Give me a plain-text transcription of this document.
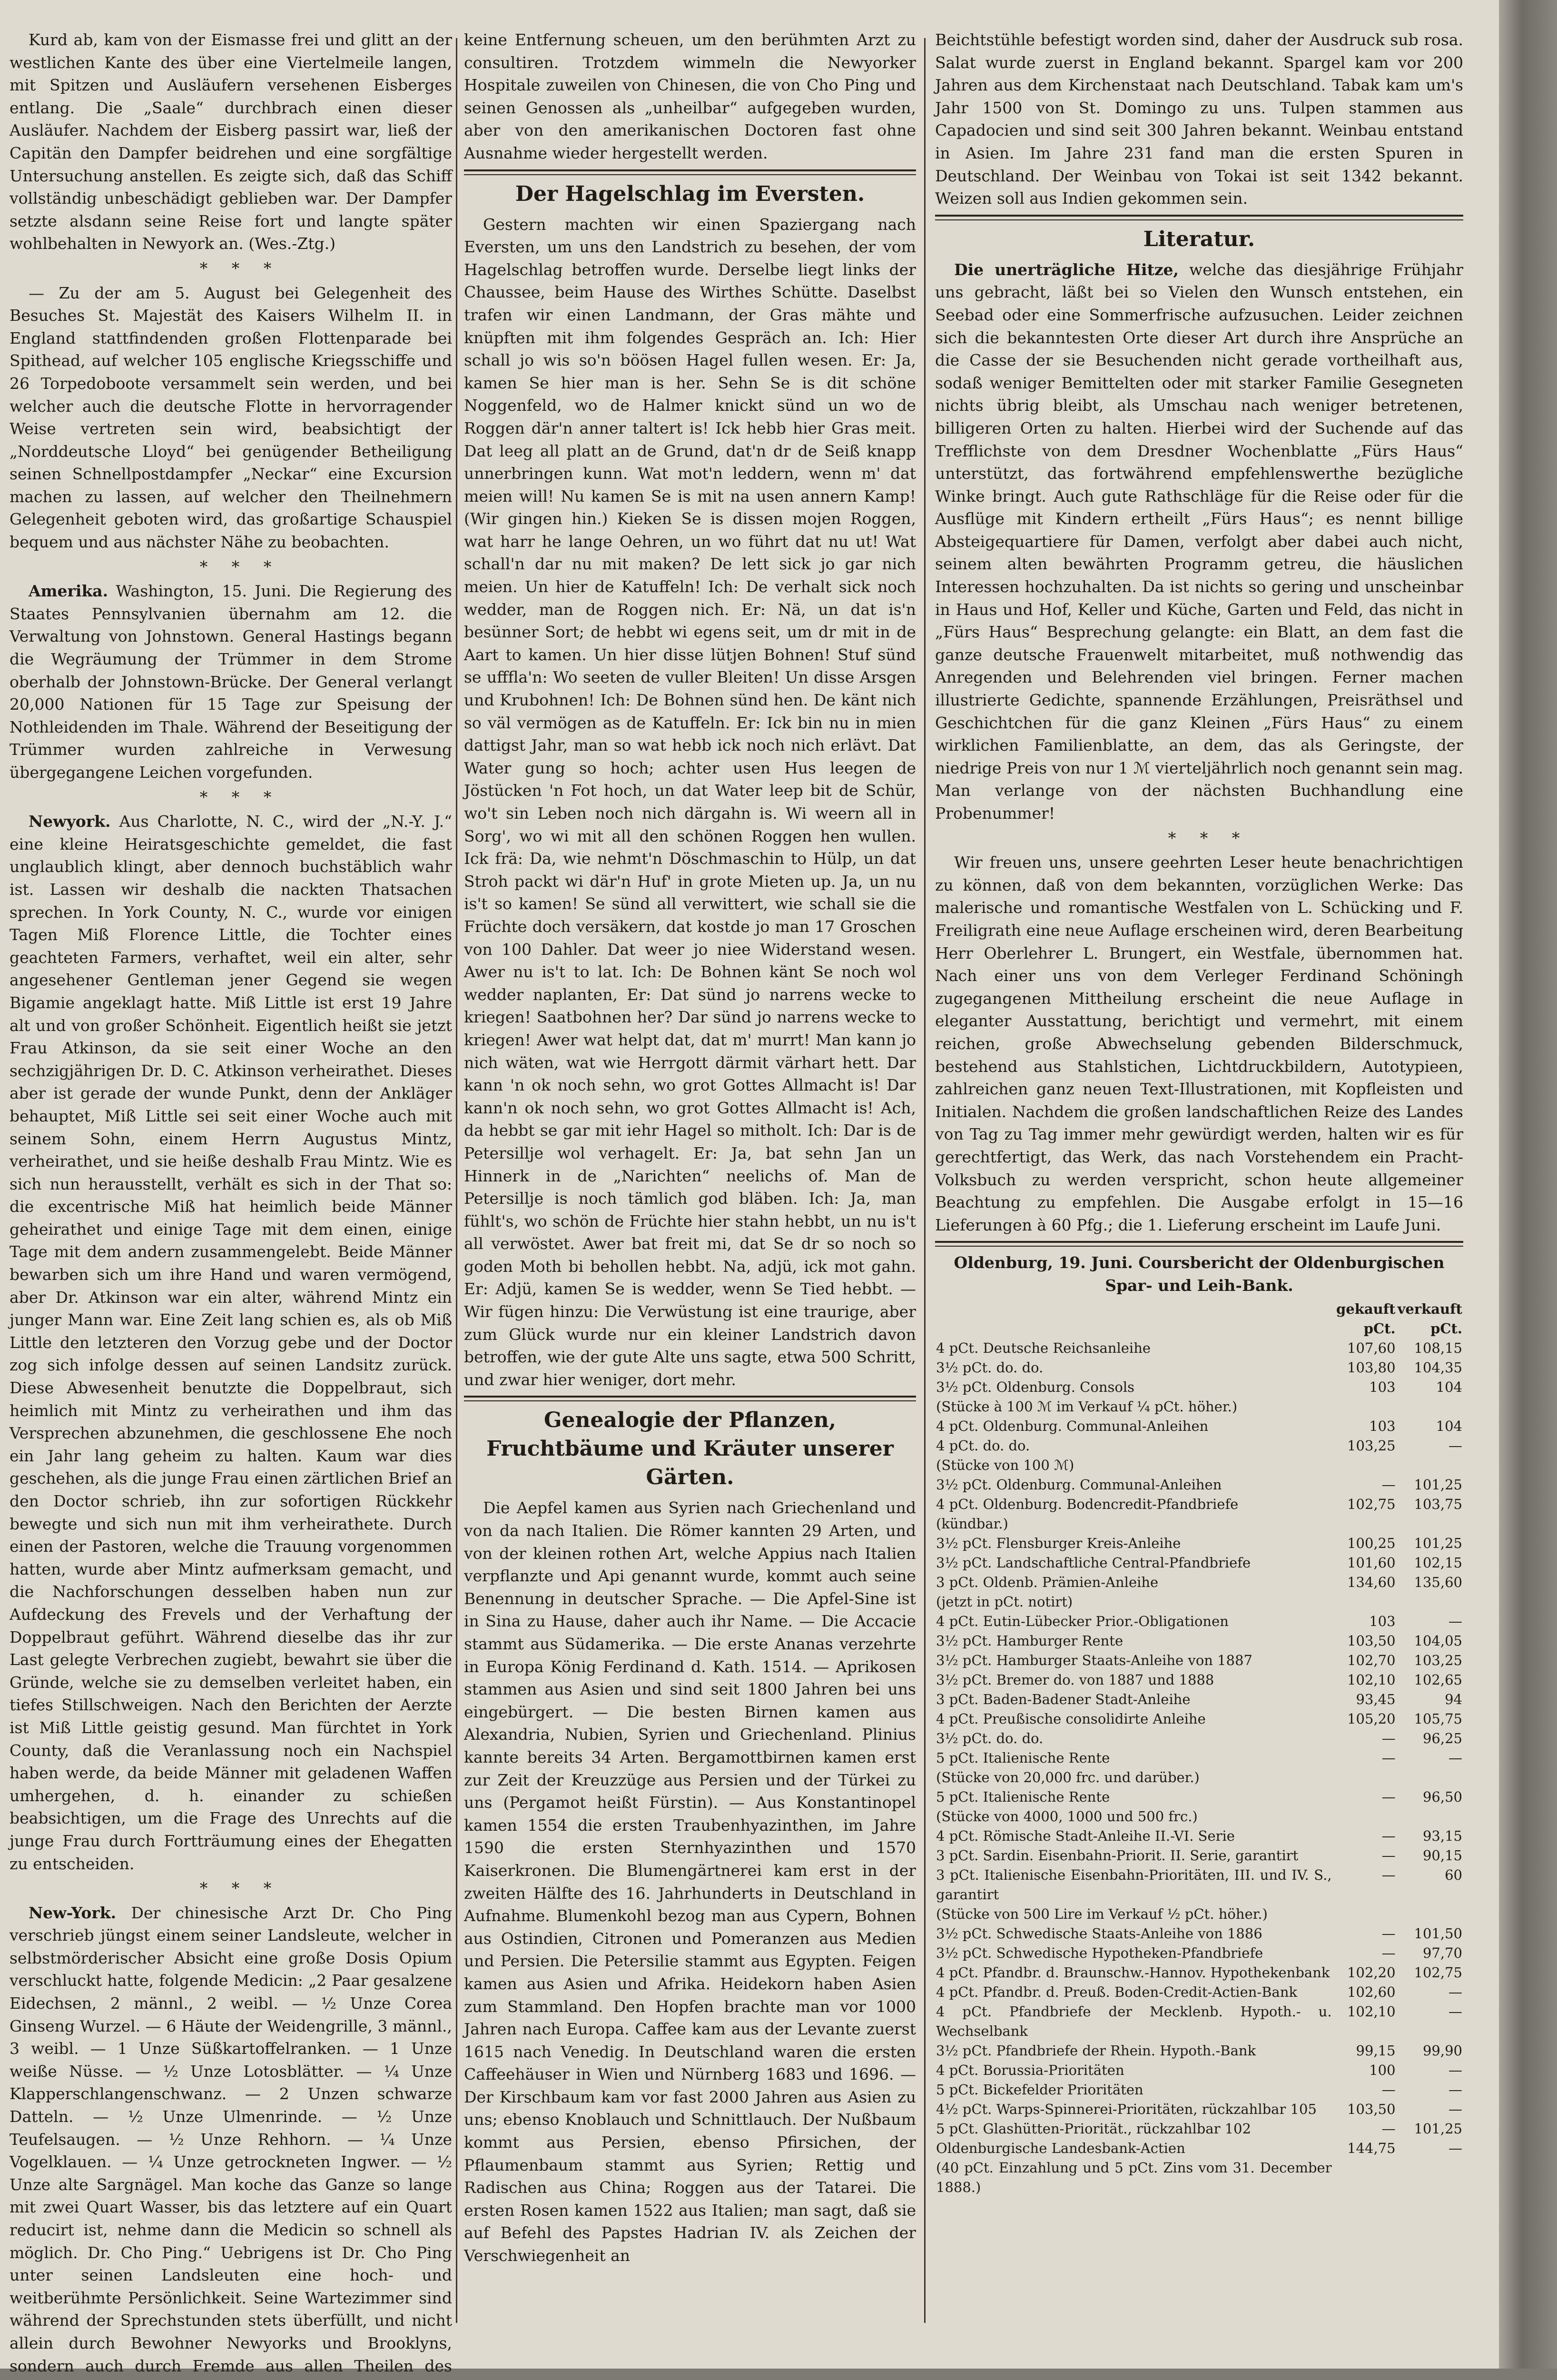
Kurd ab, kam von der Eismasse frei und glitt an der westlichen Kante des über eine Viertelmeile langen, mit Spitzen und Ausläufern versehenen Eisberges entlang. Die „Saale“ durchbrach einen dieser Ausläufer. Nachdem der Eisberg passirt war, ließ der Capitän den Dampfer beidrehen und eine sorgfältige Untersuchung anstellen. Es zeigte sich, daß das Schiff vollständig unbeschädigt geblieben war. Der Dampfer setzte alsdann seine Reise fort und langte später wohlbehalten in Newyork an. (Wes.-Ztg.)

* * *

— Zu der am 5. August bei Gelegenheit des Besuches St. Majestät des Kaisers Wilhelm II. in England stattfindenden großen Flottenparade bei Spithead, auf welcher 105 englische Kriegsschiffe und 26 Torpedoboote versammelt sein werden, und bei welcher auch die deutsche Flotte in hervorragender Weise vertreten sein wird, beabsichtigt der „Norddeutsche Lloyd“ bei genügender Betheiligung seinen Schnellpostdampfer „Neckar“ eine Excursion machen zu lassen, auf welcher den Theilnehmern Gelegenheit geboten wird, das großartige Schauspiel bequem und aus nächster Nähe zu beobachten.

* * *

Amerika. Washington, 15. Juni. Die Regierung des Staates Pennsylvanien übernahm am 12. die Verwaltung von Johnstown. General Hastings begann die Wegräumung der Trümmer in dem Strome oberhalb der Johnstown-Brücke. Der General verlangt 20,000 Nationen für 15 Tage zur Speisung der Nothleidenden im Thale. Während der Beseitigung der Trümmer wurden zahlreiche in Verwesung übergegangene Leichen vorgefunden.

* * *

Newyork. Aus Charlotte, N. C., wird der „N.-Y. J.“ eine kleine Heiratsgeschichte gemeldet, die fast unglaublich klingt, aber dennoch buchstäblich wahr ist. Lassen wir deshalb die nackten Thatsachen sprechen. In York County, N. C., wurde vor einigen Tagen Miß Florence Little, die Tochter eines geachteten Farmers, verhaftet, weil ein alter, sehr angesehener Gentleman jener Gegend sie wegen Bigamie angeklagt hatte. Miß Little ist erst 19 Jahre alt und von großer Schönheit. Eigentlich heißt sie jetzt Frau Atkinson, da sie seit einer Woche an den sechzigjährigen Dr. D. C. Atkinson verheirathet. Dieses aber ist gerade der wunde Punkt, denn der Ankläger behauptet, Miß Little sei seit einer Woche auch mit seinem Sohn, einem Herrn Augustus Mintz, verheirathet, und sie heiße deshalb Frau Mintz. Wie es sich nun herausstellt, verhält es sich in der That so: die excentrische Miß hat heimlich beide Männer geheirathet und einige Tage mit dem einen, einige Tage mit dem andern zusammengelebt. Beide Männer bewarben sich um ihre Hand und waren vermögend, aber Dr. Atkinson war ein alter, während Mintz ein junger Mann war. Eine Zeit lang schien es, als ob Miß Little den letzteren den Vorzug gebe und der Doctor zog sich infolge dessen auf seinen Landsitz zurück. Diese Abwesenheit benutzte die Doppelbraut, sich heimlich mit Mintz zu verheirathen und ihm das Versprechen abzunehmen, die geschlossene Ehe noch ein Jahr lang geheim zu halten. Kaum war dies geschehen, als die junge Frau einen zärtlichen Brief an den Doctor schrieb, ihn zur sofortigen Rückkehr bewegte und sich nun mit ihm verheirathete. Durch einen der Pastoren, welche die Trauung vorgenommen hatten, wurde aber Mintz aufmerksam gemacht, und die Nachforschungen desselben haben nun zur Aufdeckung des Frevels und der Verhaftung der Doppelbraut geführt. Während dieselbe das ihr zur Last gelegte Verbrechen zugiebt, bewahrt sie über die Gründe, welche sie zu demselben verleitet haben, ein tiefes Stillschweigen. Nach den Berichten der Aerzte ist Miß Little geistig gesund. Man fürchtet in York County, daß die Veranlassung noch ein Nachspiel haben werde, da beide Männer mit geladenen Waffen umhergehen, d. h. einander zu schießen beabsichtigen, um die Frage des Unrechts auf die junge Frau durch Fortträumung eines der Ehegatten zu entscheiden.

* * *

New-York. Der chinesische Arzt Dr. Cho Ping verschrieb jüngst einem seiner Landsleute, welcher in selbstmörderischer Absicht eine große Dosis Opium verschluckt hatte, folgende Medicin: „2 Paar gesalzene Eidechsen, 2 männl., 2 weibl. — ½ Unze Corea Ginseng Wurzel. — 6 Häute der Weidengrille, 3 männl., 3 weibl. — 1 Unze Süßkartoffelranken. — 1 Unze weiße Nüsse. — ½ Unze Lotosblätter. — ¼ Unze Klapperschlangenschwanz. — 2 Unzen schwarze Datteln. — ½ Unze Ulmenrinde. — ½ Unze Teufelsaugen. — ½ Unze Rehhorn. — ¼ Unze Vogelklauen. — ¼ Unze getrockneten Ingwer. — ½ Unze alte Sargnägel. Man koche das Ganze so lange mit zwei Quart Wasser, bis das letztere auf ein Quart reducirt ist, nehme dann die Medicin so schnell als möglich. Dr. Cho Ping.“ Uebrigens ist Dr. Cho Ping unter seinen Landsleuten eine hoch- und weitberühmte Persönlichkeit. Seine Wartezimmer sind während der Sprechstunden stets überfüllt, und nicht allein durch Bewohner Newyorks und Brooklyns, sondern auch durch Fremde aus allen Theilen des

keine Entfernung scheuen, um den berühmten Arzt zu consultiren. Trotzdem wimmeln die Newyorker Hospitale zuweilen von Chinesen, die von Cho Ping und seinen Genossen als „unheilbar“ aufgegeben wurden, aber von den amerikanischen Doctoren fast ohne Ausnahme wieder hergestellt werden.

Der Hagelschlag im Eversten.

Gestern machten wir einen Spaziergang nach Eversten, um uns den Landstrich zu besehen, der vom Hagelschlag betroffen wurde. Derselbe liegt links der Chaussee, beim Hause des Wirthes Schütte. Daselbst trafen wir einen Landmann, der Gras mähte und knüpften mit ihm folgendes Gespräch an. Ich: Hier schall jo wis so'n böösen Hagel fullen wesen. Er: Ja, kamen Se hier man is her. Sehn Se is dit schöne Noggenfeld, wo de Halmer knickt sünd un wo de Roggen där'n anner taltert is! Ick hebb hier Gras meit. Dat leeg all platt an de Grund, dat'n dr de Seiß knapp unnerbringen kunn. Wat mot'n leddern, wenn m' dat meien will! Nu kamen Se is mit na usen annern Kamp! (Wir gingen hin.) Kieken Se is dissen mojen Roggen, wat harr he lange Oehren, un wo führt dat nu ut! Wat schall'n dar nu mit maken? De lett sick jo gar nich meien. Un hier de Katuffeln! Ich: De verhalt sick noch wedder, man de Roggen nich. Er: Nä, un dat is'n besünner Sort; de hebbt wi egens seit, um dr mit in de Aart to kamen. Un hier disse lütjen Bohnen! Stuf sünd se ufffla'n: Wo seeten de vuller Bleiten! Un disse Arsgen und Krubohnen! Ich: De Bohnen sünd hen. De känt nich so väl vermögen as de Katuffeln. Er: Ick bin nu in mien dattigst Jahr, man so wat hebb ick noch nich erlävt. Dat Water gung so hoch; achter usen Hus leegen de Jöstücken 'n Fot hoch, un dat Water leep bit de Schür, wo't sin Leben noch nich därgahn is. Wi weern all in Sorg', wo wi mit all den schönen Roggen hen wullen. Ick frä: Da, wie nehmt'n Döschmaschin to Hülp, un dat Stroh packt wi där'n Huf' in grote Mieten up. Ja, un nu is't so kamen! Se sünd all verwittert, wie schall sie die Früchte doch versäkern, dat kostde jo man 17 Groschen von 100 Dahler. Dat weer jo niee Widerstand wesen. Awer nu is't to lat. Ich: De Bohnen känt Se noch wol wedder naplanten, Er: Dat sünd jo narrens wecke to kriegen! Saatbohnen her? Dar sünd jo narrens wecke to kriegen! Awer wat helpt dat, dat m' murrt! Man kann jo nich wäten, wat wie Herrgott därmit värhart hett. Dar kann 'n ok noch sehn, wo grot Gottes Allmacht is! Dar kann'n ok noch sehn, wo grot Gottes Allmacht is! Ach, da hebbt se gar mit iehr Hagel so mitholt. Ich: Dar is de Petersillje wol verhagelt. Er: Ja, bat sehn Jan un Hinnerk in de „Narichten“ neelichs of. Man de Petersillje is noch tämlich god bläben. Ich: Ja, man fühlt's, wo schön de Früchte hier stahn hebbt, un nu is't all verwöstet. Awer bat freit mi, dat Se dr so noch so goden Moth bi behollen hebbt. Na, adjü, ick mot gahn. Er: Adjü, kamen Se is wedder, wenn Se Tied hebbt. — Wir fügen hinzu: Die Verwüstung ist eine traurige, aber zum Glück wurde nur ein kleiner Landstrich davon betroffen, wie der gute Alte uns sagte, etwa 500 Schritt, und zwar hier weniger, dort mehr.

Genealogie der Pflanzen, Fruchtbäume und Kräuter unserer Gärten.

Die Aepfel kamen aus Syrien nach Griechenland und von da nach Italien. Die Römer kannten 29 Arten, und von der kleinen rothen Art, welche Appius nach Italien verpflanzte und Api genannt wurde, kommt auch seine Benennung in deutscher Sprache. — Die Apfel-Sine ist in Sina zu Hause, daher auch ihr Name. — Die Accacie stammt aus Südamerika. — Die erste Ananas verzehrte in Europa König Ferdinand d. Kath. 1514. — Aprikosen stammen aus Asien und sind seit 1800 Jahren bei uns eingebürgert. — Die besten Birnen kamen aus Alexandria, Nubien, Syrien und Griechenland. Plinius kannte bereits 34 Arten. Bergamottbirnen kamen erst zur Zeit der Kreuzzüge aus Persien und der Türkei zu uns (Pergamot heißt Fürstin). — Aus Konstantinopel kamen 1554 die ersten Traubenhyazinthen, im Jahre 1590 die ersten Sternhyazinthen und 1570 Kaiserkronen. Die Blumengärtnerei kam erst in der zweiten Hälfte des 16. Jahrhunderts in Deutschland in Aufnahme. Blumenkohl bezog man aus Cypern, Bohnen aus Ostindien, Citronen und Pomeranzen aus Medien und Persien. Die Petersilie stammt aus Egypten. Feigen kamen aus Asien und Afrika. Heidekorn haben Asien zum Stammland. Den Hopfen brachte man vor 1000 Jahren nach Europa. Caffee kam aus der Levante zuerst 1615 nach Venedig. In Deutschland waren die ersten Caffeehäuser in Wien und Nürnberg 1683 und 1696. — Der Kirschbaum kam vor fast 2000 Jahren aus Asien zu uns; ebenso Knoblauch und Schnittlauch. Der Nußbaum kommt aus Persien, ebenso Pfirsichen, der Pflaumenbaum stammt aus Syrien; Rettig und Radischen aus China; Roggen aus der Tatarei. Die ersten Rosen kamen 1522 aus Italien; man sagt, daß sie auf Befehl des Papstes Hadrian IV. als Zeichen der Verschwiegenheit an

Beichtstühle befestigt worden sind, daher der Ausdruck sub rosa. Salat wurde zuerst in England bekannt. Spargel kam vor 200 Jahren aus dem Kirchenstaat nach Deutschland. Tabak kam um's Jahr 1500 von St. Domingo zu uns. Tulpen stammen aus Capadocien und sind seit 300 Jahren bekannt. Weinbau entstand in Asien. Im Jahre 231 fand man die ersten Spuren in Deutschland. Der Weinbau von Tokai ist seit 1342 bekannt. Weizen soll aus Indien gekommen sein.

Literatur.

Die unerträgliche Hitze, welche das diesjährige Frühjahr uns gebracht, läßt bei so Vielen den Wunsch entstehen, ein Seebad oder eine Sommerfrische aufzusuchen. Leider zeichnen sich die bekanntesten Orte dieser Art durch ihre Ansprüche an die Casse der sie Besuchenden nicht gerade vortheilhaft aus, sodaß weniger Bemittelten oder mit starker Familie Gesegneten nichts übrig bleibt, als Umschau nach weniger betretenen, billigeren Orten zu halten. Hierbei wird der Suchende auf das Trefflichste von dem Dresdner Wochenblatte „Fürs Haus“ unterstützt, das fortwährend empfehlenswerthe bezügliche Winke bringt. Auch gute Rathschläge für die Reise oder für die Ausflüge mit Kindern ertheilt „Fürs Haus“; es nennt billige Absteigequartiere für Damen, verfolgt aber dabei auch nicht, seinem alten bewährten Programm getreu, die häuslichen Interessen hochzuhalten. Da ist nichts so gering und unscheinbar in Haus und Hof, Keller und Küche, Garten und Feld, das nicht in „Fürs Haus“ Besprechung gelangte: ein Blatt, an dem fast die ganze deutsche Frauenwelt mitarbeitet, muß nothwendig das Anregenden und Belehrenden viel bringen. Ferner machen illustrierte Gedichte, spannende Erzählungen, Preisräthsel und Geschichtchen für die ganz Kleinen „Fürs Haus“ zu einem wirklichen Familienblatte, an dem, das als Geringste, der niedrige Preis von nur 1 ℳ vierteljährlich noch genannt sein mag. Man verlange von der nächsten Buchhandlung eine Probenummer!

* * *

Wir freuen uns, unsere geehrten Leser heute benachrichtigen zu können, daß von dem bekannten, vorzüglichen Werke: Das malerische und romantische Westfalen von L. Schücking und F. Freiligrath eine neue Auflage erscheinen wird, deren Bearbeitung Herr Oberlehrer L. Brungert, ein Westfale, übernommen hat. Nach einer uns von dem Verleger Ferdinand Schöningh zugegangenen Mittheilung erscheint die neue Auflage in eleganter Ausstattung, berichtigt und vermehrt, mit einem reichen, große Abwechselung gebenden Bilderschmuck, bestehend aus Stahlstichen, Lichtdruckbildern, Autotypieen, zahlreichen ganz neuen Text-Illustrationen, mit Kopfleisten und Initialen. Nachdem die großen landschaftlichen Reize des Landes von Tag zu Tag immer mehr gewürdigt werden, halten wir es für gerechtfertigt, das Werk, das nach Vorstehendem ein Pracht-Volksbuch zu werden verspricht, schon heute allgemeiner Beachtung zu empfehlen. Die Ausgabe erfolgt in 15—16 Lieferungen à 60 Pfg.; die 1. Lieferung erscheint im Laufe Juni.

Oldenburg, 19. Juni. Coursbericht der Oldenburgischen Spar- und Leih-Bank.
	gekauft	verkauft
	pCt.	pCt.
4 pCt. Deutsche Reichsanleihe	107,60	108,15
3½ pCt. do. do.	103,80	104,35
3½ pCt. Oldenburg. Consols	103	104
(Stücke à 100 ℳ im Verkauf ¼ pCt. höher.)		
4 pCt. Oldenburg. Communal-Anleihen	103	104
4 pCt. do. do.	103,25	—
(Stücke von 100 ℳ)		
3½ pCt. Oldenburg. Communal-Anleihen	—	101,25
4 pCt. Oldenburg. Bodencredit-Pfandbriefe	102,75	103,75
(kündbar.)		
3½ pCt. Flensburger Kreis-Anleihe	100,25	101,25
3½ pCt. Landschaftliche Central-Pfandbriefe	101,60	102,15
3 pCt. Oldenb. Prämien-Anleihe	134,60	135,60
(jetzt in pCt. notirt)		
4 pCt. Eutin-Lübecker Prior.-Obligationen	103	—
3½ pCt. Hamburger Rente	103,50	104,05
3½ pCt. Hamburger Staats-Anleihe von 1887	102,70	103,25
3½ pCt. Bremer do. von 1887 und 1888	102,10	102,65
3 pCt. Baden-Badener Stadt-Anleihe	93,45	94
4 pCt. Preußische consolidirte Anleihe	105,20	105,75
3½ pCt. do. do.	—	96,25
5 pCt. Italienische Rente	—	—
(Stücke von 20,000 frc. und darüber.)		
5 pCt. Italienische Rente	—	96,50
(Stücke von 4000, 1000 und 500 frc.)		
4 pCt. Römische Stadt-Anleihe II.-VI. Serie	—	93,15
3 pCt. Sardin. Eisenbahn-Priorit. II. Serie, garantirt	—	90,15
3 pCt. Italienische Eisenbahn-Prioritäten, III. und IV. S., garantirt	—	60
(Stücke von 500 Lire im Verkauf ½ pCt. höher.)		
3½ pCt. Schwedische Staats-Anleihe von 1886	—	101,50
3½ pCt. Schwedische Hypotheken-Pfandbriefe	—	97,70
4 pCt. Pfandbr. d. Braunschw.-Hannov. Hypothekenbank	102,20	102,75
4 pCt. Pfandbr. d. Preuß. Boden-Credit-Actien-Bank	102,60	—
4 pCt. Pfandbriefe der Mecklenb. Hypoth.- u. Wechselbank	102,10	—
3½ pCt. Pfandbriefe der Rhein. Hypoth.-Bank	99,15	99,90
4 pCt. Borussia-Prioritäten	100	—
5 pCt. Bickefelder Prioritäten	—	—
4½ pCt. Warps-Spinnerei-Prioritäten, rückzahlbar 105	103,50	—
5 pCt. Glashütten-Priorität., rückzahlbar 102	—	101,25
Oldenburgische Landesbank-Actien	144,75	—
(40 pCt. Einzahlung und 5 pCt. Zins vom 31. December 1888.)		
